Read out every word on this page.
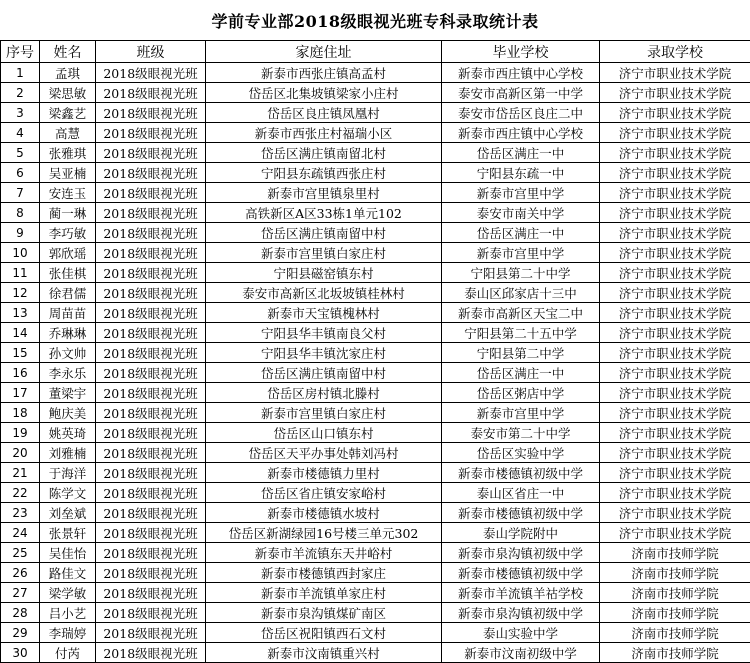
学前专业部2018级眼视光班专科录取统计表
序号	姓名	班级	家庭住址	毕业学校	录取学校
1	孟琪	2018级眼视光班	新泰市西张庄镇高孟村	新泰市西庄镇中心学校	济宁市职业技术学院
2	梁思敏	2018级眼视光班	岱岳区北集坡镇梁家小庄村	泰安市高新区第一中学	济宁市职业技术学院
3	梁鑫艺	2018级眼视光班	岱岳区良庄镇凤凰村	泰安市岱岳区良庄二中	济宁市职业技术学院
4	高慧	2018级眼视光班	新泰市西张庄村福瑞小区	新泰市西庄镇中心学校	济宁市职业技术学院
5	张雅琪	2018级眼视光班	岱岳区满庄镇南留北村	岱岳区满庄一中	济宁市职业技术学院
6	吴亚楠	2018级眼视光班	宁阳县东疏镇西张庄村	宁阳县东疏一中	济宁市职业技术学院
7	安连玉	2018级眼视光班	新泰市宫里镇泉里村	新泰市宫里中学	济宁市职业技术学院
8	蔺一琳	2018级眼视光班	高铁新区A区33栋1单元102	泰安市南关中学	济宁市职业技术学院
9	李巧敏	2018级眼视光班	岱岳区满庄镇南留中村	岱岳区满庄一中	济宁市职业技术学院
10	郭欣瑶	2018级眼视光班	新泰市宫里镇白家庄村	新泰市宫里中学	济宁市职业技术学院
11	张佳棋	2018级眼视光班	宁阳县磁窑镇东村	宁阳县第二十中学	济宁市职业技术学院
12	徐君儒	2018级眼视光班	泰安市高新区北坂坡镇桂林村	泰山区邱家店十三中	济宁市职业技术学院
13	周苗苗	2018级眼视光班	新泰市天宝镇槐林村	新泰市高新区天宝二中	济宁市职业技术学院
14	乔琳琳	2018级眼视光班	宁阳县华丰镇南良父村	宁阳县第二十五中学	济宁市职业技术学院
15	孙文帅	2018级眼视光班	宁阳县华丰镇沈家庄村	宁阳县第二中学	济宁市职业技术学院
16	李永乐	2018级眼视光班	岱岳区满庄镇南留中村	岱岳区满庄一中	济宁市职业技术学院
17	董梁宇	2018级眼视光班	岱岳区房村镇北滕村	岱岳区粥店中学	济宁市职业技术学院
18	鲍庆美	2018级眼视光班	新泰市宫里镇白家庄村	新泰市宫里中学	济宁市职业技术学院
19	姚英琦	2018级眼视光班	岱岳区山口镇东村	泰安市第二十中学	济宁市职业技术学院
20	刘雅楠	2018级眼视光班	岱岳区天平办事处韩刘冯村	岱岳区实验中学	济宁市职业技术学院
21	于海洋	2018级眼视光班	新泰市楼德镇力里村	新泰市楼德镇初级中学	济宁市职业技术学院
22	陈学文	2018级眼视光班	岱岳区省庄镇安家峪村	泰山区省庄一中	济宁市职业技术学院
23	刘垒斌	2018级眼视光班	新泰市楼德镇水坡村	新泰市楼德镇初级中学	济宁市职业技术学院
24	张景轩	2018级眼视光班	岱岳区新湖绿园16号楼三单元302	泰山学院附中	济宁市职业技术学院
25	吴佳怡	2018级眼视光班	新泰市羊流镇东天井峪村	新泰市泉沟镇初级中学	济南市技师学院
26	路佳文	2018级眼视光班	新泰市楼德镇西封家庄	新泰市楼德镇初级中学	济南市技师学院
27	梁学敏	2018级眼视光班	新泰市羊流镇单家庄村	新泰市羊流镇羊祜学校	济南市技师学院
28	吕小艺	2018级眼视光班	新泰市泉沟镇煤矿南区	新泰市泉沟镇初级中学	济南市技师学院
29	李瑞婷	2018级眼视光班	岱岳区祝阳镇西石文村	泰山实验中学	济南市技师学院
30	付芮	2018级眼视光班	新泰市汶南镇重兴村	新泰市汶南初级中学	济南市技师学院
